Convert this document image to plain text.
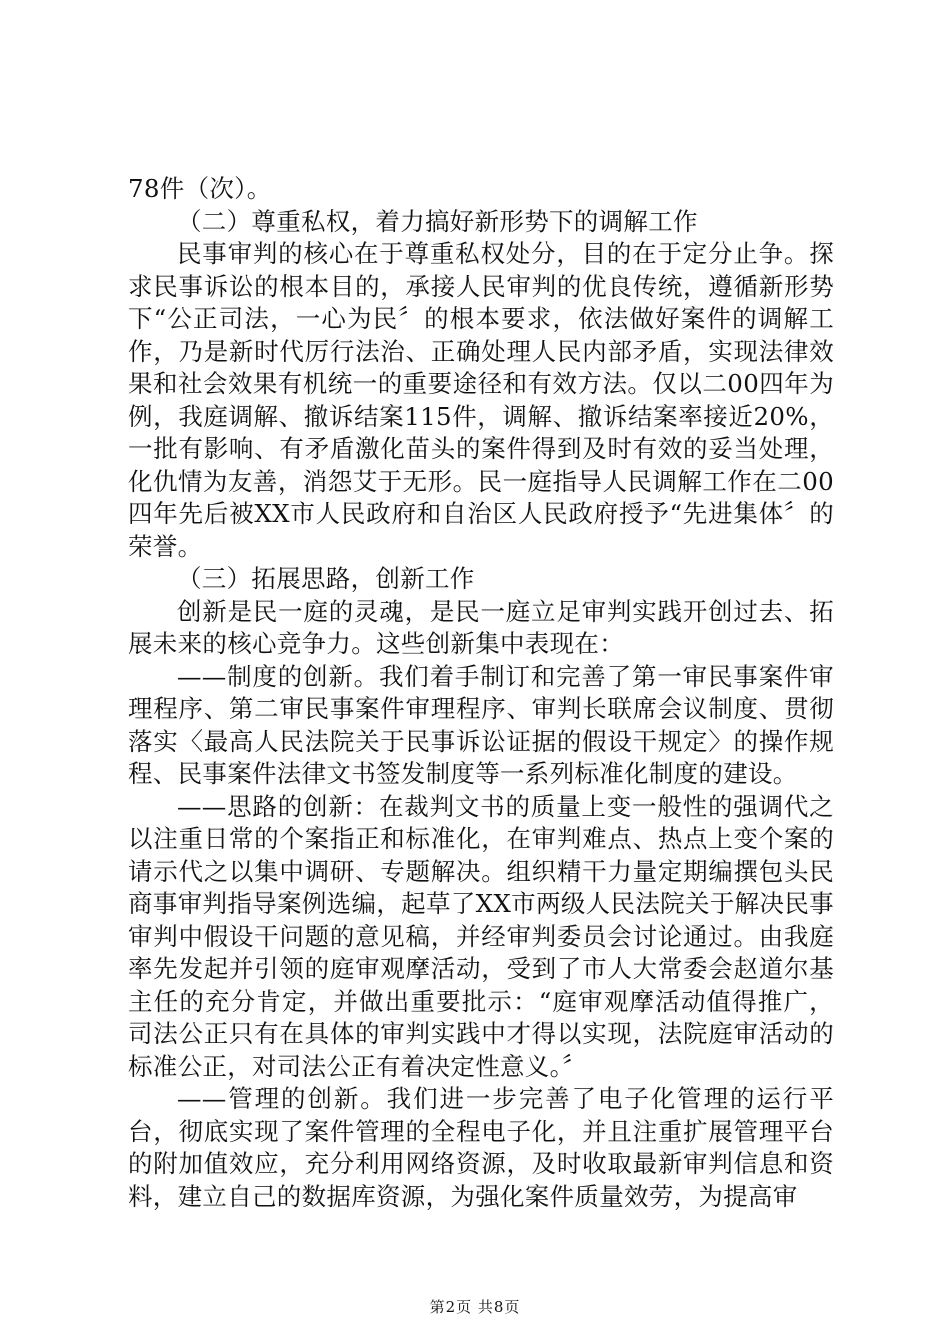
78件（次）。

（二）尊重私权，着力搞好新形势下的调解工作

民事审判的核心在于尊重私权处分，目的在于定分止争。探求民事诉讼的根本目的，承接人民审判的优良传统，遵循新形势下“公正司法，一心为民〞的根本要求，依法做好案件的调解工作，乃是新时代厉行法治、正确处理人民内部矛盾，实现法律效果和社会效果有机统一的重要途径和有效方法。仅以二00四年为例，我庭调解、撤诉结案115件，调解、撤诉结案率接近20%，一批有影响、有矛盾激化苗头的案件得到及时有效的妥当处理，化仇情为友善，消怨艾于无形。民一庭指导人民调解工作在二00四年先后被XX市人民政府和自治区人民政府授予“先进集体〞的荣誉。

（三）拓展思路，创新工作

创新是民一庭的灵魂，是民一庭立足审判实践开创过去、拓展未来的核心竞争力。这些创新集中表现在：

——制度的创新。我们着手制订和完善了第一审民事案件审理程序、第二审民事案件审理程序、审判长联席会议制度、贯彻落实〈最高人民法院关于民事诉讼证据的假设干规定〉的操作规程、民事案件法律文书签发制度等一系列标准化制度的建设。

——思路的创新：在裁判文书的质量上变一般性的强调代之以注重日常的个案指正和标准化，在审判难点、热点上变个案的请示代之以集中调研、专题解决。组织精干力量定期编撰包头民商事审判指导案例选编，起草了XX市两级人民法院关于解决民事审判中假设干问题的意见稿，并经审判委员会讨论通过。由我庭率先发起并引领的庭审观摩活动，受到了市人大常委会赵道尔基主任的充分肯定，并做出重要批示：“庭审观摩活动值得推广，司法公正只有在具体的审判实践中才得以实现，法院庭审活动的标准公正，对司法公正有着决定性意义。〞

——管理的创新。我们进一步完善了电子化管理的运行平台，彻底实现了案件管理的全程电子化，并且注重扩展管理平台的附加值效应，充分利用网络资源，及时收取最新审判信息和资料，建立自己的数据库资源，为强化案件质量效劳，为提高审

第2页 共8页
